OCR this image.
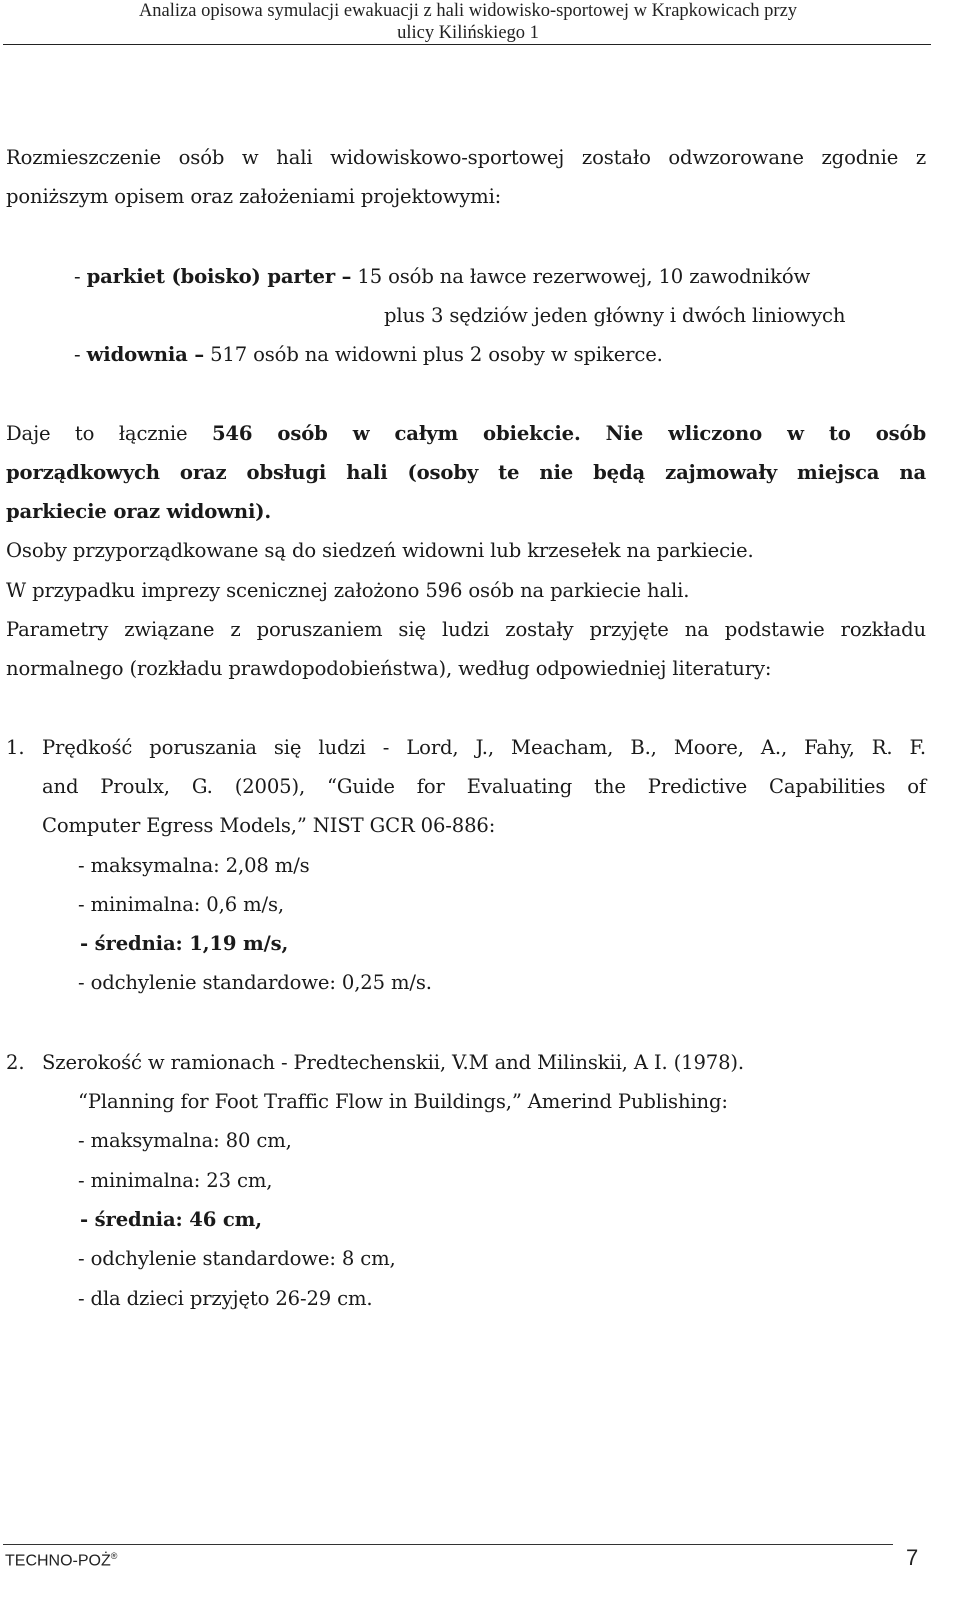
Analiza opisowa symulacji ewakuacji z hali widowisko-sportowej w Krapkowicach przy
ulicy Kilińskiego 1
Rozmieszczenie osób w hali widowiskowo-sportowej zostało odwzorowane zgodnie z
poniższym opisem oraz założeniami projektowymi:
- parkiet (boisko) parter – 15 osób na ławce rezerwowej, 10 zawodników
plus 3 sędziów jeden główny i dwóch liniowych
- widownia – 517 osób na widowni plus 2 osoby w spikerce.
Daje to łącznie 546 osób w całym obiekcie. Nie wliczono w to osób
porządkowych oraz obsługi hali (osoby te nie będą zajmowały miejsca na
parkiecie oraz widowni).
Osoby przyporządkowane są do siedzeń widowni lub krzesełek na parkiecie.
W przypadku imprezy scenicznej założono 596 osób na parkiecie hali.
Parametry związane z poruszaniem się ludzi zostały przyjęte na podstawie rozkładu
normalnego (rozkładu prawdopodobieństwa), według odpowiedniej literatury:
1. Prędkość poruszania się ludzi - Lord, J., Meacham, B., Moore, A., Fahy, R. F.
and Proulx, G. (2005), “Guide for Evaluating the Predictive Capabilities of
Computer Egress Models,” NIST GCR 06-886:
- maksymalna: 2,08 m/s
- minimalna: 0,6 m/s,
- średnia: 1,19 m/s,
- odchylenie standardowe: 0,25 m/s.
2. Szerokość w ramionach - Predtechenskii, V.M and Milinskii, A I. (1978).
“Planning for Foot Traffic Flow in Buildings,” Amerind Publishing:
- maksymalna: 80 cm,
- minimalna: 23 cm,
- średnia: 46 cm,
- odchylenie standardowe: 8 cm,
- dla dzieci przyjęto 26-29 cm.
TECHNO-POŻ®	7
